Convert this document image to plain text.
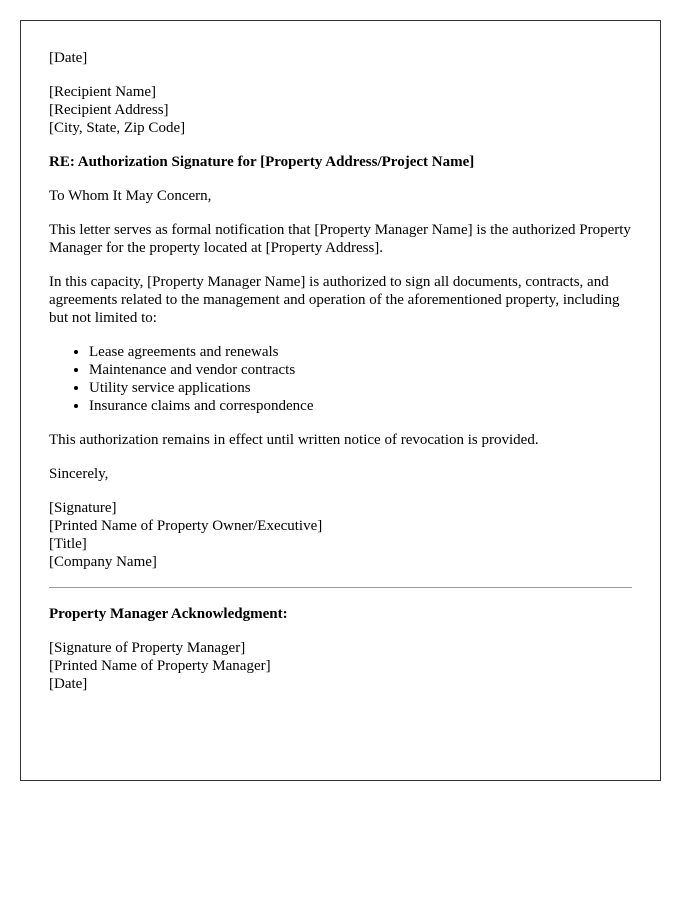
[Date]

[Recipient Name]
[Recipient Address]
[City, State, Zip Code]

RE: Authorization Signature for [Property Address/Project Name]

To Whom It May Concern,

This letter serves as formal notification that [Property Manager Name] is the authorized Property Manager for the property located at [Property Address].

In this capacity, [Property Manager Name] is authorized to sign all documents, contracts, and agreements related to the management and operation of the aforementioned property, including but not limited to:

• Lease agreements and renewals
• Maintenance and vendor contracts
• Utility service applications
• Insurance claims and correspondence

This authorization remains in effect until written notice of revocation is provided.

Sincerely,

[Signature]
[Printed Name of Property Owner/Executive]
[Title]
[Company Name]

Property Manager Acknowledgment:

[Signature of Property Manager]
[Printed Name of Property Manager]
[Date]
